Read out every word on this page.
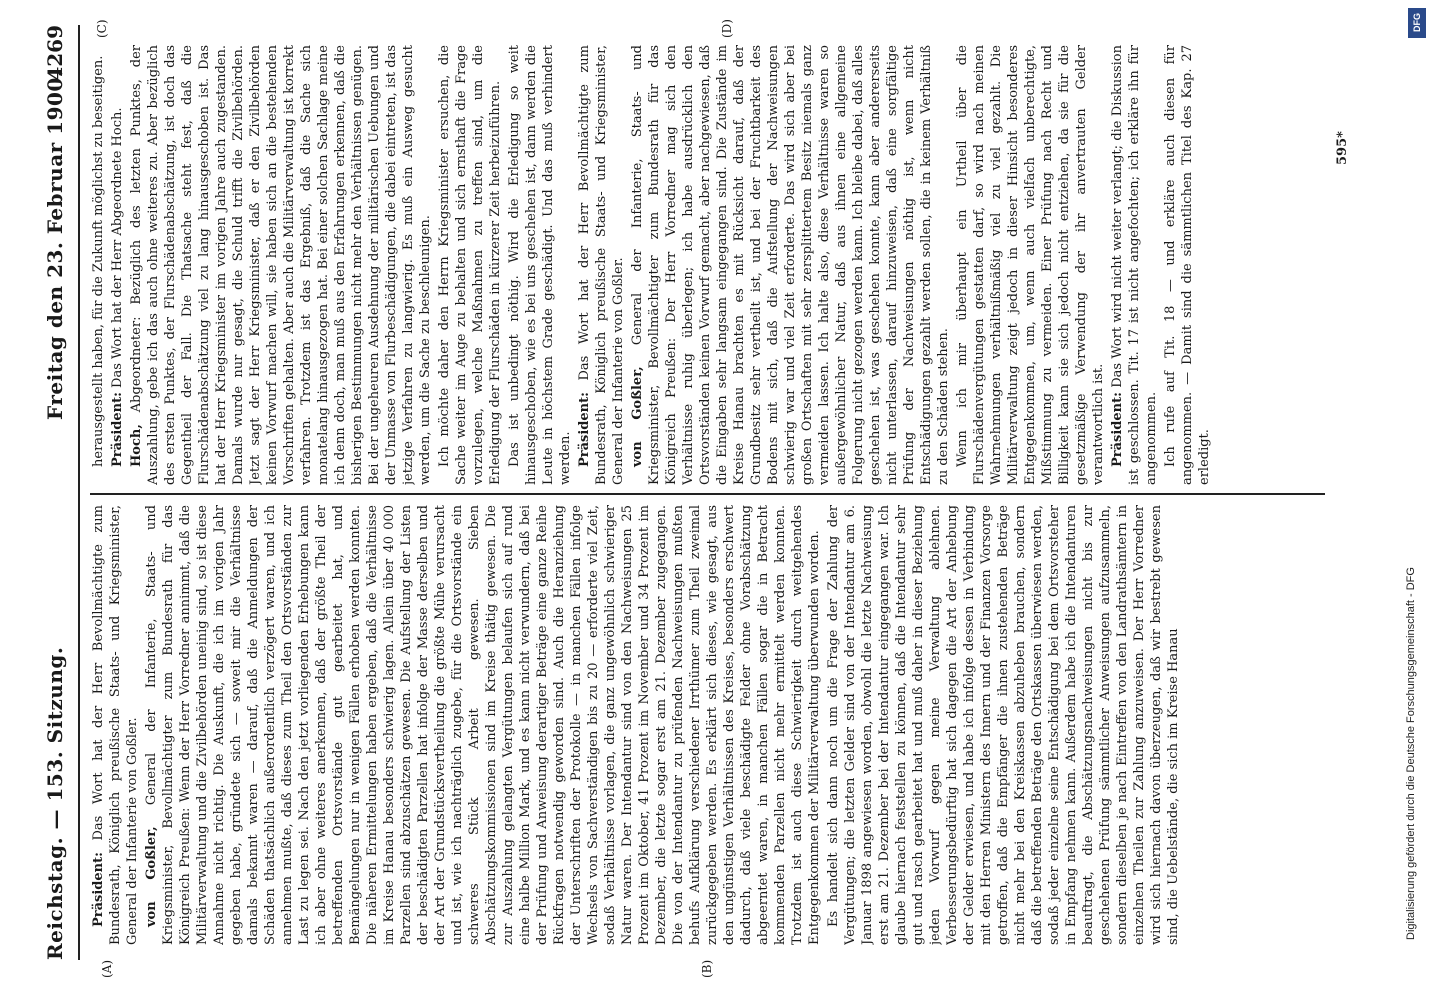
Reichstag. — 153. Sitzung.
Freitag den 23. Februar 1900.
4269

Präsident: Das Wort hat der Herr Bevollmächtigte zum Bundesrath, Königlich preußische Staats- und Kriegsminister, General der Infanterie von Goßler. von Goßler, General der Infanterie, Staats- und Kriegsminister, Bevollmächtigter zum Bundesrath für das Königreich Preußen: Wenn der Herr Vorredner annimmt, daß die Militärverwaltung und die Zivilbehörden uneinig sind, so ist diese Annahme nicht richtig. Die Auskunft, die ich im vorigen Jahr gegeben habe, gründete sich — soweit mir die Verhältnisse damals bekannt waren — darauf, daß die Anmeldungen der Schäden thatsächlich außerordentlich verzögert waren, und ich annehmen mußte, daß dieses zum Theil den Ortsvorständen zur Last zu legen sei. Nach den jetzt vorliegenden Erhebungen kann ich aber ohne weiteres anerkennen, daß der größte Theil der betreffenden Ortsvorstände gut gearbeitet hat, und Bemängelungen nur in wenigen Fällen erhoben werden konnten. Die näheren Ermittelungen haben ergeben, daß die Verhältnisse im Kreise Hanau besonders schwierig lagen. Allein über 40 000 Parzellen sind abzuschätzen gewesen. Die Aufstellung der Listen der beschädigten Parzellen hat infolge der Masse derselben und der Art der Grundstücksvertheilung die größte Mühe verursacht und ist, wie ich nachträglich zugebe, für die Ortsvorstände ein schweres Stück Arbeit gewesen. Sieben Abschätzungskommissionen sind im Kreise thätig gewesen. Die zur Auszahlung gelangten Vergütungen belaufen sich auf rund eine halbe Million Mark, und es kann nicht verwundern, daß bei der Prüfung und Anweisung derartiger Beträge eine ganze Reihe Rückfragen notwendig geworden sind. Auch die Heranziehung der Unterschriften der Protokolle — in manchen Fällen infolge Wechsels von Sachverständigen bis zu 20 — erforderte viel Zeit, sodaß Verhältnisse vorlagen, die ganz ungewöhnlich schwieriger Natur waren. Der Intendantur sind von den Nachweisungen 25 Prozent im Oktober, 41 Prozent im November und 34 Prozent im Dezember, die letzte sogar erst am 21. Dezember zugegangen. Die von der Intendantur zu prüfenden Nachweisungen mußten behufs Aufklärung verschiedener Irrthümer zum Theil zweimal zurückgegeben werden. Es erklärt sich dieses, wie gesagt, aus den ungünstigen Verhältnissen des Kreises, besonders erschwert dadurch, daß viele beschädigte Felder ohne Vorabschätzung abgeerntet waren, in manchen Fällen sogar die in Betracht kommenden Parzellen nicht mehr ermittelt werden konnten. Trotzdem ist auch diese Schwierigkeit durch weitgehendes Entgegenkommen der Militärverwaltung überwunden worden. Es handelt sich dann noch um die Frage der Zahlung der Vergütungen; die letzten Gelder sind von der Intendantur am 6. Januar 1898 angewiesen worden, obwohl die letzte Nachweisung erst am 21. Dezember bei der Intendantur eingegangen war. Ich glaube hiernach feststellen zu können, daß die Intendantur sehr gut und rasch gearbeitet hat und muß daher in dieser Beziehung jeden Vorwurf gegen meine Verwaltung ablehnen. Verbesserungsbedürftig hat sich dagegen die Art der Anhebung der Gelder erwiesen, und habe ich infolge dessen in Verbindung mit den Herren Ministern des Innern und der Finanzen Vorsorge getroffen, daß die Empfänger die ihnen zustehenden Beträge nicht mehr bei den Kreiskassen abzuheben brauchen, sondern daß die betreffenden Beträge den Ortskassen überwiesen werden, sodaß jeder einzelne seine Entschädigung bei dem Ortsvorsteher in Empfang nehmen kann. Außerdem habe ich die Intendanturen beauftragt, die Abschätzungsnachweisungen nicht bis zur geschehenen Prüfung sämmtlicher Anweisungen aufzusammeln, sondern dieselben je nach Eintreffen von den Landrathsämtern in einzelnen Theilen zur Zahlung anzuweisen. Der Herr Vorredner wird sich hiernach davon überzeugen, daß wir bestrebt gewesen sind, die Uebelstände, die sich im Kreise Hanau

herausgestellt haben, für die Zukunft möglichst zu beseitigen. Präsident: Das Wort hat der Herr Abgeordnete Hoch.

Hoch, Abgeordneter: Bezüglich des letzten Punktes, der Auszahlung, gebe ich das auch ohne weiteres zu. Aber bezüglich des ersten Punktes, der Flurschädenabschätzung, ist doch das Gegentheil der Fall. Die Thatsache steht fest, daß die Flurschädenabschätzung viel zu lang hinausgeschoben ist. Das hat der Herr Kriegsminister im vorigen Jahre auch zugestanden. Damals wurde nur gesagt, die Schuld trifft die Zivilbehörden. Jetzt sagt der Herr Kriegsminister, daß er den Zivilbehörden keinen Vorwurf machen will, sie haben sich an die bestehenden Vorschriften gehalten. Aber auch die Militärverwaltung ist korrekt verfahren. Trotzdem ist das Ergebniß, daß die Sache sich monatelang hinausgezogen hat. Bei einer solchen Sachlage meine ich denn doch, man muß aus den Erfahrungen erkennen, daß die bisherigen Bestimmungen nicht mehr den Verhältnissen genügen. Bei der ungeheuren Ausdehnung der militärischen Uebungen und der Unmasse von Flurbeschädigungen, die dabei eintreten, ist das jetzige Verfahren zu langwierig. Es muß ein Ausweg gesucht werden, um die Sache zu beschleunigen. Ich möchte daher den Herrn Kriegsminister ersuchen, die Sache weiter im Auge zu behalten und sich ernsthaft die Frage vorzulegen, welche Maßnahmen zu treffen sind, um die Erledigung der Flurschäden in kürzerer Zeit herbeizuführen. Das ist unbedingt nöthig. Wird die Erledigung so weit hinausgeschoben, wie es bei uns geschehen ist, dann werden die Leute in höchstem Grade geschädigt. Und das muß verhindert werden. Präsident: Das Wort hat der Herr Bevollmächtigte zum Bundesrath, Königlich preußische Staats- und Kriegsminister, General der Infanterie von Goßler. von Goßler, General der Infanterie, Staats- und Kriegsminister, Bevollmächtigter zum Bundesrath für das Königreich Preußen: Der Herr Vorredner mag sich den Verhältnisse ruhig überlegen; ich habe ausdrücklich den Ortsvorständen keinen Vorwurf gemacht, aber nachgewiesen, daß die Eingaben sehr langsam eingegangen sind. Die Zustände im Kreise Hanau brachten es mit Rücksicht darauf, daß der Grundbesitz sehr vertheilt ist, und bei der Fruchtbarkeit des Bodens mit sich, daß die Aufstellung der Nachweisungen schwierig war und viel Zeit erforderte. Das wird sich aber bei großen Ortschaften mit sehr zersplittertem Besitz niemals ganz vermeiden lassen. Ich halte also, diese Verhältnisse waren so außergewöhnlicher Natur, daß aus ihnen eine allgemeine Folgerung nicht gezogen werden kann. Ich bleibe dabei, daß alles geschehen ist, was geschehen konnte, kann aber andererseits nicht unterlassen, darauf hinzuweisen, daß eine sorgfältige Prüfung der Nachweisungen nöthig ist, wenn nicht Entschädigungen gezahlt werden sollen, die in keinem Verhältniß zu den Schäden stehen. Wenn ich mir überhaupt ein Urtheil über die Flurschädenvergütungen gestatten darf, so wird nach meinen Wahrnehmungen verhältnißmäßig viel zu viel gezahlt. Die Militärverwaltung zeigt jedoch in dieser Hinsicht besonderes Entgegenkommen, um, wenn auch vielfach unberechtigte, Mißstimmung zu vermeiden. Einer Prüfung nach Recht und Billigkeit kann sie sich jedoch nicht entziehen, da sie für die gesetzmäßige Verwendung der ihr anvertrauten Gelder verantwortlich ist. Präsident: Das Wort wird nicht weiter verlangt; die Diskussion ist geschlossen. Tit. 17 ist nicht angefochten; ich erkläre ihn für angenommen. Ich rufe auf Tit. 18 — und erkläre auch diesen für angenommen. — Damit sind die sämmtlichen Titel des Kap. 27 erledigt.

(A)	(B)
(C)	(D)
595*
DFG
Digitalisierung gefördert durch die Deutsche Forschungsgemeinschaft - DFG
